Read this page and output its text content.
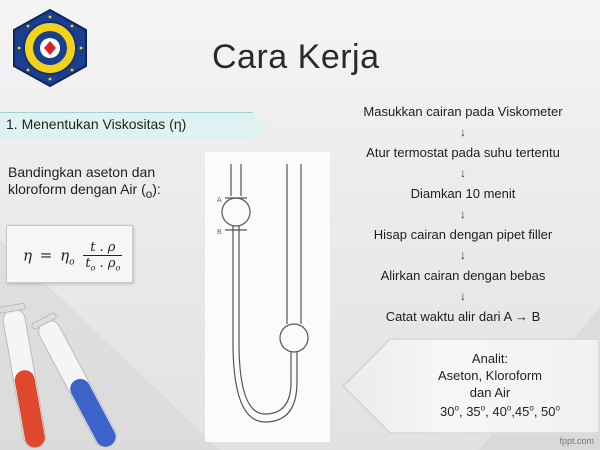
Cara Kerja
1. Menentukan Viskositas (η)
Bandingkan aseton dan kloroform dengan Air $(_o)$:
$\eta = \eta_o \frac{t . \rho}{t_o . \rho_o}$
A
B
Masukkan cairan pada Viskometer
↓
Atur termostat pada suhu tertentu
↓
Diamkan 10 menit
↓
Hisap cairan dengan pipet filler
↓
Alirkan cairan dengan bebas
↓
Catat waktu alir dari A → B
Analit:
Aseton, Kloroform
dan Air
30$^o$, 35$^o$, 40$^o$,45$^o$, 50$^o$
fppt.com
